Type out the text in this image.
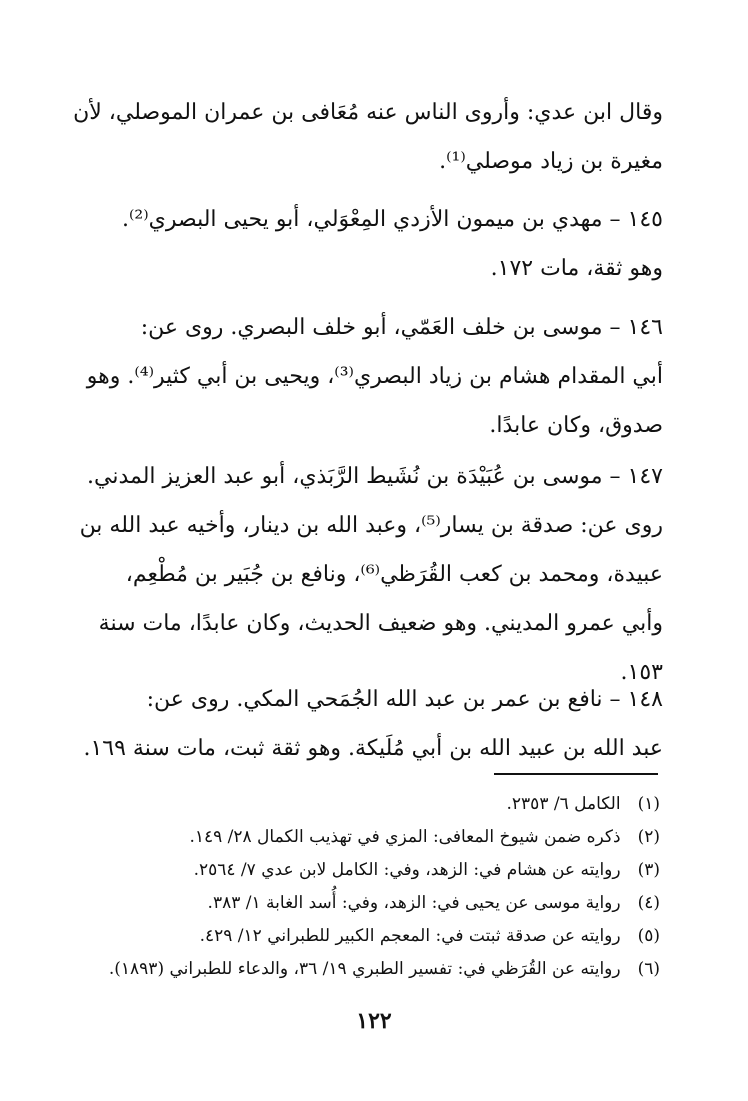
وقال ابن عدي: وأروى الناس عنه مُعَافى بن عمران الموصلي، لأن
مغيرة بن زياد موصلي⁽¹⁾.

١٤٥ – مهدي بن ميمون الأزدي المِعْوَلي، أبو يحيى البصري⁽²⁾.
وهو ثقة، مات ١٧٢.

١٤٦ – موسى بن خلف العَمّي، أبو خلف البصري. روى عن:
أبي المقدام هشام بن زياد البصري⁽³⁾، ويحيى بن أبي كثير⁽⁴⁾. وهو
صدوق، وكان عابدًا.

١٤٧ – موسى بن عُبَيْدَة بن نُشَيط الرَّبَذي، أبو عبد العزيز المدني.
روى عن: صدقة بن يسار⁽⁵⁾، وعبد الله بن دينار، وأخيه عبد الله بن
عبيدة، ومحمد بن كعب القُرَظي⁽⁶⁾، ونافع بن جُبَير بن مُطْعِم،
وأبي عمرو المديني. وهو ضعيف الحديث، وكان عابدًا، مات سنة
١٥٣.

١٤٨ – نافع بن عمر بن عبد الله الجُمَحي المكي. روى عن:
عبد الله بن عبيد الله بن أبي مُلَيكة. وهو ثقة ثبت، مات سنة ١٦٩.

(١) الكامل ٦/ ٢٣٥٣.
(٢) ذكره ضمن شيوخ المعافى: المزي في تهذيب الكمال ٢٨/ ١٤٩.
(٣) روايته عن هشام في: الزهد، وفي: الكامل لابن عدي ٧/ ٢٥٦٤.
(٤) رواية موسى عن يحيى في: الزهد، وفي: أُسد الغابة ١/ ٣٨٣.
(٥) روايته عن صدقة ثبتت في: المعجم الكبير للطبراني ١٢/ ٤٢٩.
(٦) روايته عن القُرَظي في: تفسير الطبري ١٩/ ٣٦، والدعاء للطبراني (١٨٩٣).
١٢٢
